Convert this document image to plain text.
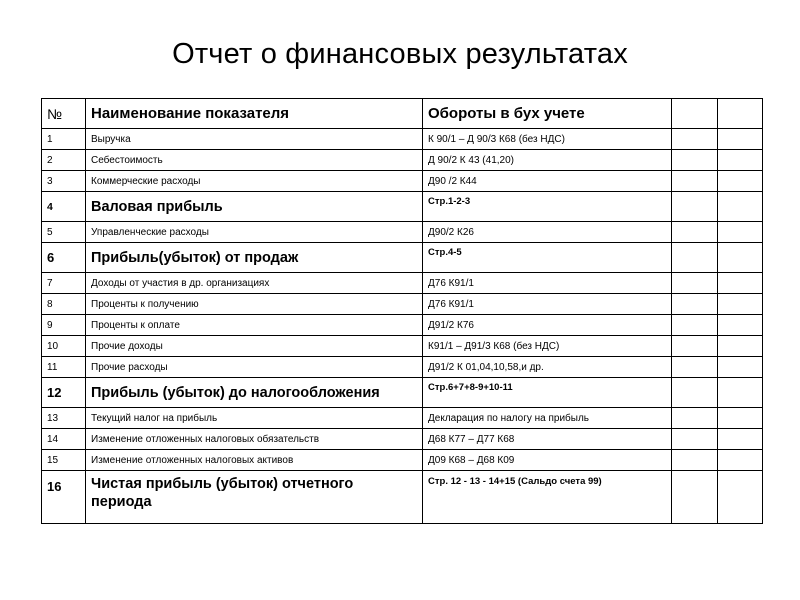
Отчет о финансовых результатах
№	Наименование показателя	Обороты в бух учете		
1	Выручка	К 90/1 – Д 90/3 К68 (без НДС)		
2	Себестоимость	Д 90/2 К 43 (41,20)		
3	Коммерческие расходы	Д90 /2 К44		
4	Валовая прибыль	Стр.1-2-3		
5	Управленческие расходы	Д90/2 К26		
6	Прибыль(убыток) от продаж	Стр.4-5		
7	Доходы от участия в др. организациях	Д76 К91/1		
8	Проценты к получению	Д76 К91/1		
9	Проценты к оплате	Д91/2 К76		
10	Прочие доходы	К91/1 – Д91/3 К68 (без НДС)		
11	Прочие расходы	Д91/2 К 01,04,10,58,и др.		
12	Прибыль (убыток) до налогообложения	Стр.6+7+8-9+10-11		
13	Текущий налог на прибыль	Декларация по налогу на прибыль		
14	Изменение отложенных налоговых обязательств	Д68 К77 – Д77 К68		
15	Изменение отложенных налоговых активов	Д09 К68 – Д68 К09		
16	Чистая прибыль (убыток) отчетного периода	Стр. 12 - 13 - 14+15 (Сальдо счета 99)		
